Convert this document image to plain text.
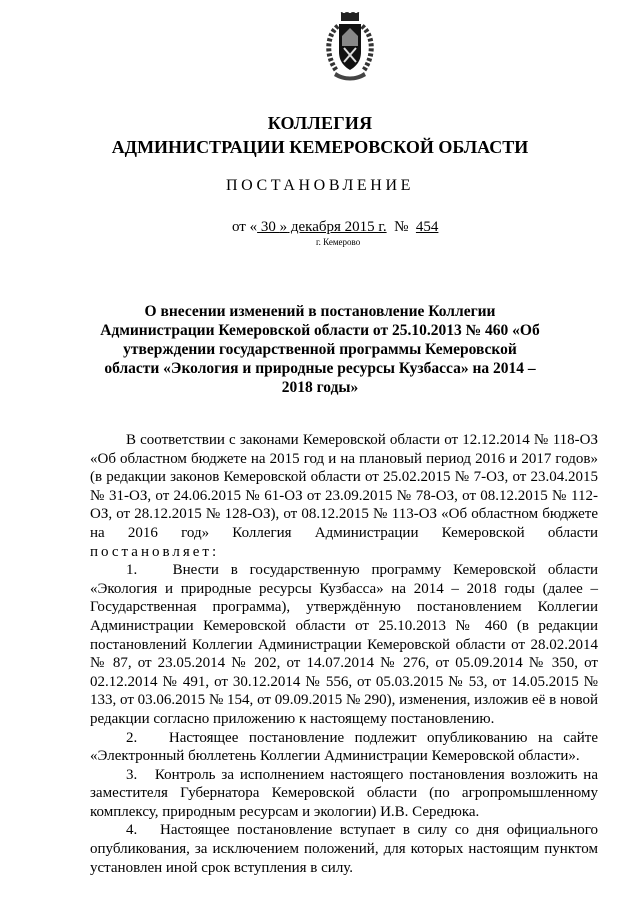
КОЛЛЕГИЯ
АДМИНИСТРАЦИИ КЕМЕРОВСКОЙ ОБЛАСТИ
ПОСТАНОВЛЕНИЕ
от « 30 » декабря 2015 г. № 454
г. Кемерово
О внесении изменений в постановление Коллегии Администрации Кемеровской области от 25.10.2013 № 460 «Об утверждении государственной программы Кемеровской области «Экология и природные ресурсы Кузбасса» на 2014 – 2018 годы»

В соответствии с законами Кемеровской области от 12.12.2014 № 118-ОЗ «Об областном бюджете на 2015 год и на плановый период 2016 и 2017 годов» (в редакции законов Кемеровской области от 25.02.2015 № 7-ОЗ, от 23.04.2015 № 31-ОЗ, от 24.06.2015 № 61-ОЗ от 23.09.2015 № 78-ОЗ, от 08.12.2015 № 112-ОЗ, от 28.12.2015 № 128-ОЗ), от 08.12.2015 № 113-ОЗ «Об областном бюджете на 2016 год» Коллегия Администрации Кемеровской области постановляет:

1.   Внести в государственную программу Кемеровской области «Экология и природные ресурсы Кузбасса» на 2014 – 2018 годы (далее – Государственная программа), утверждённую постановлением Коллегии Администрации Кемеровской области от 25.10.2013 № 460 (в редакции постановлений Коллегии Администрации Кемеровской области от 28.02.2014 № 87, от 23.05.2014 № 202, от 14.07.2014 № 276, от 05.09.2014 № 350, от 02.12.2014 № 491, от 30.12.2014 № 556, от 05.03.2015 № 53, от 14.05.2015 № 133, от 03.06.2015 № 154, от 09.09.2015 № 290), изменения, изложив её в новой редакции согласно приложению к настоящему постановлению.

2.   Настоящее постановление подлежит опубликованию на сайте «Электронный бюллетень Коллегии Администрации Кемеровской области».

3.   Контроль за исполнением настоящего постановления возложить на заместителя Губернатора Кемеровской области (по агропромышленному комплексу, природным ресурсам и экологии) И.В. Середюка.

4.   Настоящее постановление вступает в силу со дня официального опубликования, за исключением положений, для которых настоящим пунктом установлен иной срок вступления в силу.
